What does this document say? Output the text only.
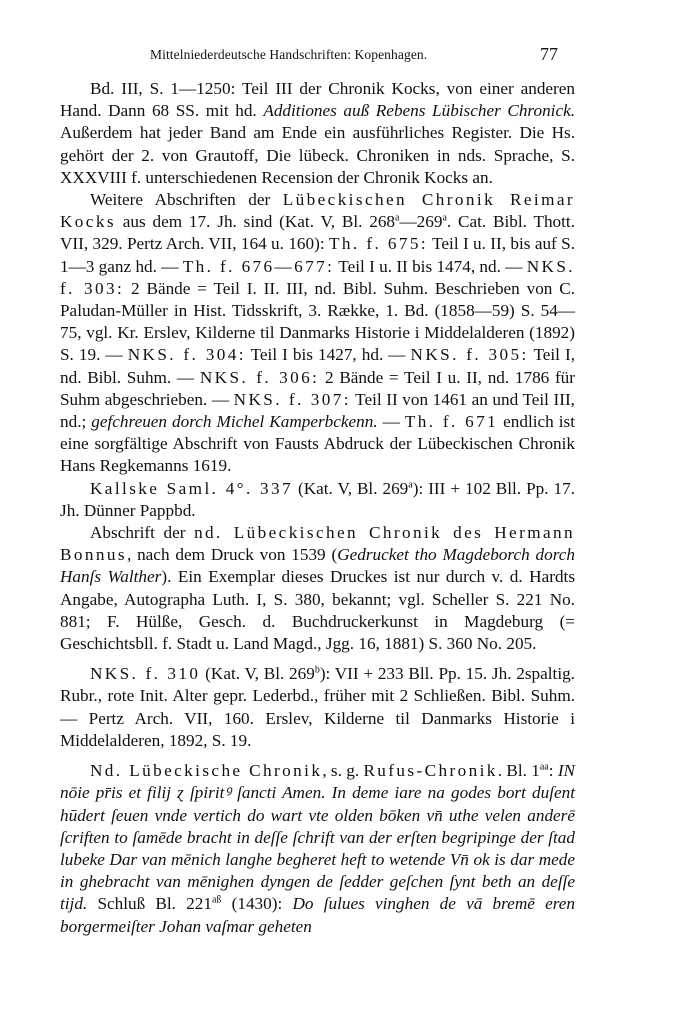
Mittelniederdeutsche Handschriften: Kopenhagen.	77

Bd. III, S. 1—1250: Teil III der Chronik Kocks, von einer anderen Hand. Dann 68 SS. mit hd. Additiones auß Rebens Lübischer Chronick. Außerdem hat jeder Band am Ende ein ausführliches Register. Die Hs. gehört der 2. von Grautoff, Die lübeck. Chroniken in nds. Sprache, S. XXXVIII f. unterschiedenen Recension der Chronik Kocks an.

Weitere Abschriften der Lübeckischen Chronik Reimar Kocks aus dem 17. Jh. sind (Kat. V, Bl. 268$^a$—269$^a$. Cat. Bibl. Thott. VII, 329. Pertz Arch. VII, 164 u. 160): Th. f. 675: Teil I u. II, bis auf S. 1—3 ganz hd. — Th. f. 676—677: Teil I u. II bis 1474, nd. — NKS. f. 303: 2 Bände = Teil I. II. III, nd. Bibl. Suhm. Beschrieben von C. Paludan-Müller in Hist. Tidsskrift, 3. Række, 1. Bd. (1858—59) S. 54—75, vgl. Kr. Erslev, Kilderne til Danmarks Historie i Middelalderen (1892) S. 19. — NKS. f. 304: Teil I bis 1427, hd. — NKS. f. 305: Teil I, nd. Bibl. Suhm. — NKS. f. 306: 2 Bände = Teil I u. II, nd. 1786 für Suhm abgeschrieben. — NKS. f. 307: Teil II von 1461 an und Teil III, nd.; gefchreuen dorch Michel Kamperbckenn. — Th. f. 671 endlich ist eine sorgfältige Abschrift von Fausts Abdruck der Lübeckischen Chronik Hans Regkemanns 1619.

Kallske Saml. 4°. 337 (Kat. V, Bl. 269$^a$): III + 102 Bll. Pp. 17. Jh. Dünner Pappbd.

Abschrift der nd. Lübeckischen Chronik des Hermann Bonnus, nach dem Druck von 1539 (Gedrucket tho Magdeborch dorch Hanſs Walther). Ein Exemplar dieses Druckes ist nur durch v. d. Hardts Angabe, Autographa Luth. I, S. 380, bekannt; vgl. Scheller S. 221 No. 881; F. Hülße, Gesch. d. Buchdruckerkunst in Magdeburg (= Geschichtsbll. f. Stadt u. Land Magd., Jgg. 16, 1881) S. 360 No. 205.

NKS. f. 310 (Kat. V, Bl. 269$^b$): VII + 233 Bll. Pp. 15. Jh. 2spaltig. Rubr., rote Init. Alter gepr. Lederbd., früher mit 2 Schließen. Bibl. Suhm. — Pertz Arch. VII, 160. Erslev, Kilderne til Danmarks Historie i Middelalderen, 1892, S. 19.

Nd. Lübeckische Chronik, s. g. Rufus-Chronik. Bl. $1^{aa}$: IN nōie pr̄is et filij ɀ ſpiritꝰ ſancti Amen. In deme iare na godes bort duſent hūdert ſeuen vnde vertich do wart vte olden bōken vn̄ uthe velen anderē ſcriften to ſamēde bracht in deſſe ſchrift van der erſten begripinge der ſtad lubeke Dar van mēnich langhe begheret heft to wetende Vn̄ ok is dar mede in ghebracht van mēnighen dyngen de ſedder geſchen ſynt beth an deſſe tijd. Schluß Bl. $221^{aß}$ (1430): Do ſulues vinghen de vā bremē eren borgermeiſter Johan vaſmar geheten
